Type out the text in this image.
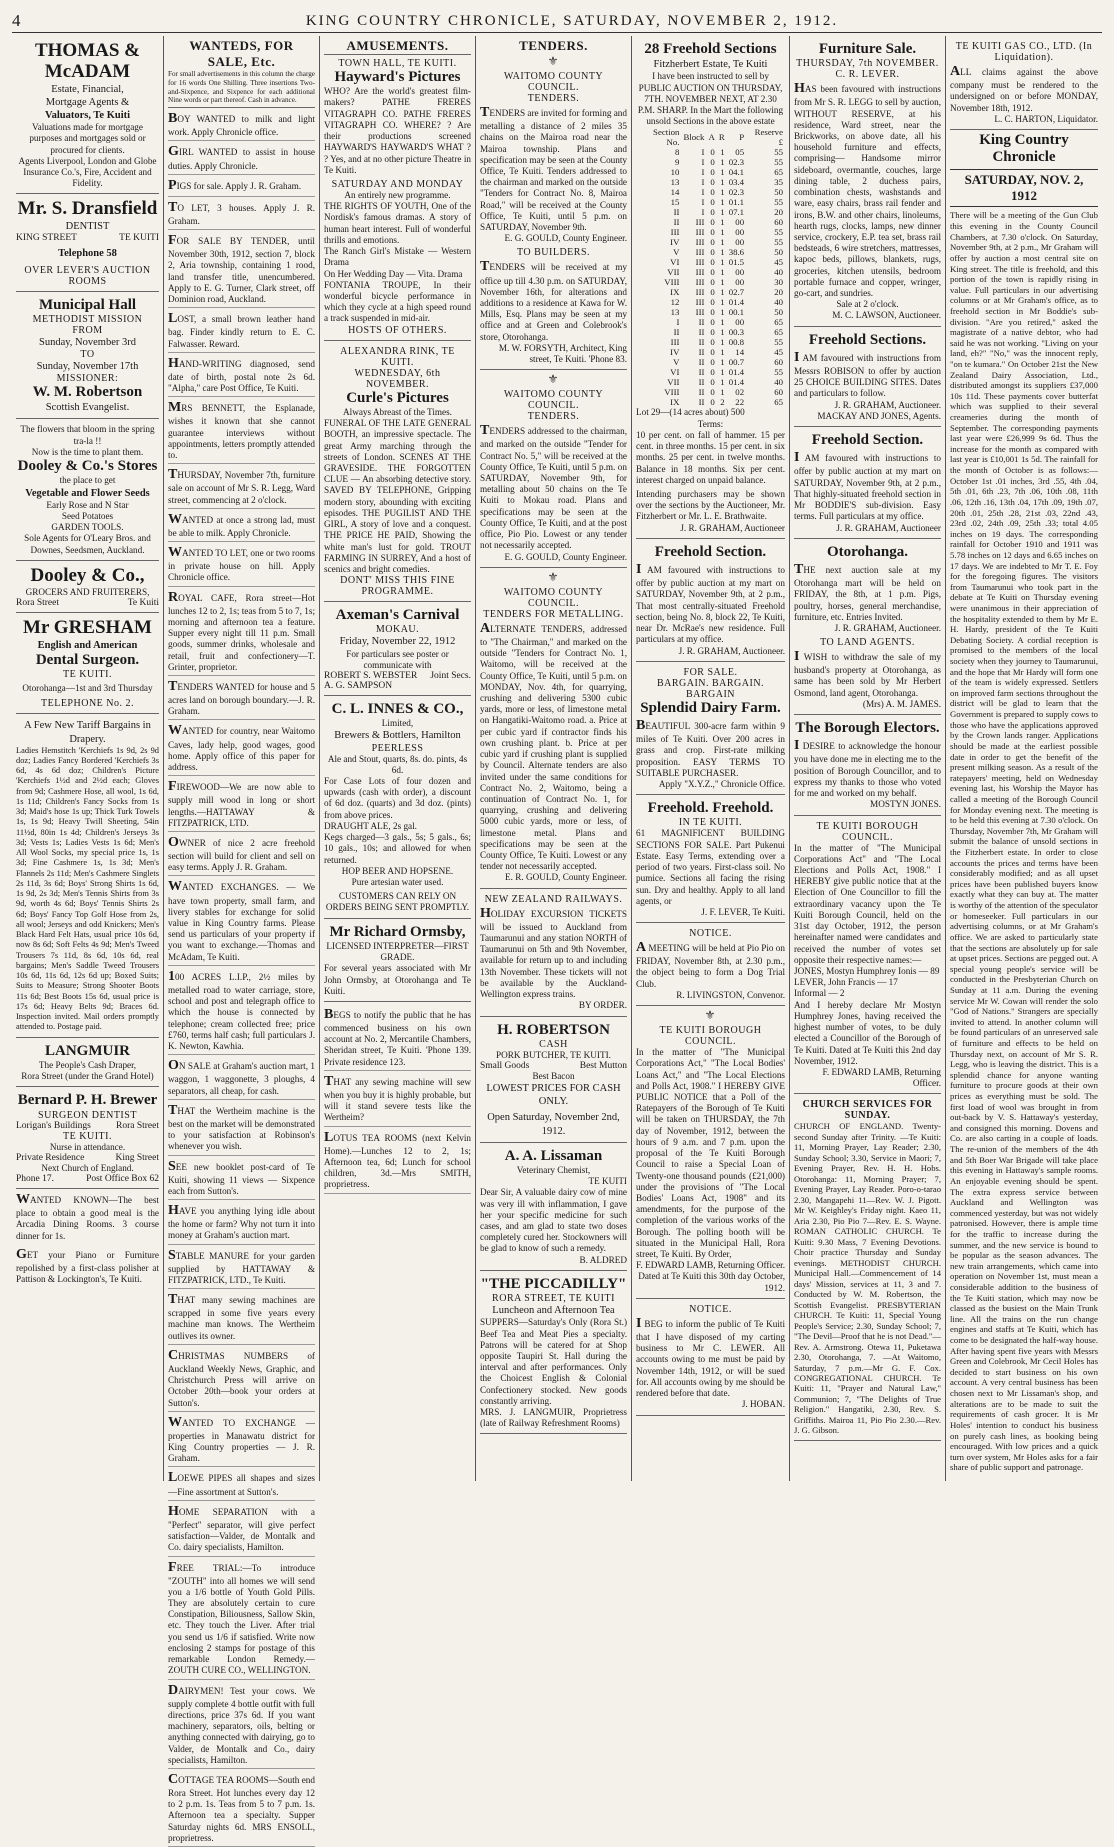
4	KING COUNTRY CHRONICLE, SATURDAY, NOVEMBER 2, 1912.
THOMAS & McADAM
Estate, Financial,
Mortgage Agents &
Valuators, Te Kuiti
Valuations made for mortgage purposes and mortgages sold or procured for clients.
Agents Liverpool, London and Globe Insurance Co.'s, Fire, Accident and Fidelity.
Mr. S. Dransfield
DENTIST
KING STREET	TE KUITI
Telephone 58
OVER LEVER'S AUCTION ROOMS
Municipal Hall
METHODIST MISSION
FROM
Sunday, November 3rd
TO
Sunday, November 17th
MISSIONER:
W. M. Robertson
Scottish Evangelist.
The flowers that bloom in the spring tra-la !!
Now is the time to plant them.
Dooley & Co.'s Stores
the place to get
Vegetable and Flower Seeds
Early Rose and N Star
Seed Potatoes
GARDEN TOOLS.
Sole Agents for O'Leary Bros. and Downes, Seedsmen, Auckland.
Dooley & Co.,
GROCERS AND FRUITERERS,
Rora Street	Te Kuiti
Mr GRESHAM
English and American
Dental Surgeon.
TE KUITI.
Otorohanga—1st and 3rd Thursday
TELEPHONE No. 2.
A Few New Tariff Bargains in Drapery.
Ladies Hemstitch 'Kerchiefs 1s 9d, 2s 9d doz; Ladies Fancy Bordered 'Kerchiefs 3s 6d, 4s 6d doz; Children's Picture 'Kerchiefs 1½d and 2½d each; Gloves from 9d; Cashmere Hose, all wool, 1s 6d, 1s 11d; Children's Fancy Socks from 1s 3d; Maid's hose 1s up; Thick Turk Towels 1s, 1s 9d; Heavy Twill Sheeting, 54in 11½d, 80in 1s 4d; Children's Jerseys 3s 3d; Vests 1s; Ladies Vests 1s 6d; Men's All Wool Socks, my special price 1s, 1s 3d; Fine Cashmere 1s, 1s 3d; Men's Flannels 2s 11d; Men's Cashmere Singlets 2s 11d, 3s 6d; Boys' Strong Shirts 1s 6d, 1s 9d, 2s 3d; Men's Tennis Shirts from 3s 9d, worth 4s 6d; Boys' Tennis Shirts 2s 6d; Boys' Fancy Top Golf Hose from 2s, all wool; Jerseys and odd Knickers; Men's Black Hard Felt Hats, usual price 10s 6d, now 8s 6d; Soft Felts 4s 9d; Men's Tweed Trousers 7s 11d, 8s 6d, 10s 6d, real bargains; Men's Saddle Tweed Trousers 10s 6d, 11s 6d, 12s 6d up; Boxed Suits; Suits to Measure; Strong Shooter Boots 11s 6d; Best Boots 15s 6d, usual price is 17s 6d; Heavy Belts 9d; Braces 6d. Inspection invited. Mail orders promptly attended to. Postage paid.
LANGMUIR
The People's Cash Draper,
Rora Street (under the Grand Hotel)
Bernard P. H. Brewer
SURGEON DENTIST
Lorigan's Buildings	Rora Street
TE KUITI.
Nurse in attendance.
Private Residence	King Street
Next Church of England.
Phone 17.	Post Office Box 62
WANTED KNOWN—The best place to obtain a good meal is the Arcadia Dining Rooms. 3 course dinner for 1s.
GET your Piano or Furniture repolished by a first-class polisher at Pattison & Lockington's, Te Kuiti.
WANTEDS, FOR SALE, Etc.
For small advertisements in this column the charge for 16 words One Shilling. Three insertions Two-and-Sixpence, and Sixpence for each additional Nine words or part thereof. Cash in advance.
BOY WANTED to milk and light work. Apply Chronicle office.
GIRL WANTED to assist in house duties. Apply Chronicle.
PIGS for sale. Apply J. R. Graham.
TO LET, 3 houses. Apply J. R. Graham.
FOR SALE BY TENDER, until November 30th, 1912, section 7, block 2, Aria township, containing 1 rood, land transfer title, unencumbered. Apply to E. G. Turner, Clark street, off Dominion road, Auckland.
LOST, a small brown leather hand bag. Finder kindly return to E. C. Falwasser. Reward.
HAND-WRITING diagnosed, send date of birth, postal note 2s 6d. "Alpha," care Post Office, Te Kuiti.
MRS BENNETT, the Esplanade, wishes it known that she cannot guarantee interviews without appointments, letters promptly attended to.
THURSDAY, November 7th, furniture sale on account of Mr S. R. Legg, Ward street, commencing at 2 o'clock.
WANTED at once a strong lad, must be able to milk. Apply Chronicle.
WANTED TO LET, one or two rooms in private house on hill. Apply Chronicle office.
ROYAL CAFE, Rora street—Hot lunches 12 to 2, 1s; teas from 5 to 7, 1s; morning and afternoon tea a feature. Supper every night till 11 p.m. Small goods, summer drinks, wholesale and retail, fruit and confectionery—T. Grinter, proprietor.
TENDERS WANTED for house and 5 acres land on borough boundary.—J. R. Graham.
WANTED for country, near Waitomo Caves, lady help, good wages, good home. Apply office of this paper for address.
FIREWOOD—We are now able to supply mill wood in long or short lengths.—HATTAWAY & FITZPATRICK, LTD.
OWNER of nice 2 acre freehold section will build for client and sell on easy terms. Apply J. R. Graham.
WANTED EXCHANGES. — We have town property, small farm, and livery stables for exchange for solid value in King Country farms. Please send us particulars of your property if you want to exchange.—Thomas and McAdam, Te Kuiti.
100 ACRES L.I.P., 2½ miles by metalled road to water carriage, store, school and post and telegraph office to which the house is connected by telephone; cream collected free; price £760, terms half cash; full particulars J. K. Newton, Kawhia.
ON SALE at Graham's auction mart, 1 waggon, 1 waggonette, 3 ploughs, 4 separators, all cheap, for cash.
THAT the Wertheim machine is the best on the market will be demonstrated to your satisfaction at Robinson's whenever you wish.
SEE new booklet post-card of Te Kuiti, showing 11 views — Sixpence each from Sutton's.
HAVE you anything lying idle about the home or farm? Why not turn it into money at Graham's auction mart.
STABLE MANURE for your garden supplied by HATTAWAY & FITZPATRICK, LTD., Te Kuiti.
THAT many sewing machines are scrapped in some five years every machine man knows. The Wertheim outlives its owner.
CHRISTMAS NUMBERS of Auckland Weekly News, Graphic, and Christchurch Press will arrive on October 20th—book your orders at Sutton's.
WANTED TO EXCHANGE — properties in Manawatu district for King Country properties — J. R. Graham.
LOEWE PIPES all shapes and sizes —Fine assortment at Sutton's.
HOME SEPARATION with a "Perfect" separator, will give perfect satisfaction—Valder, de Montalk and Co. dairy specialists, Hamilton.
FREE TRIAL:—To introduce "ZOUTH" into all homes we will send you a 1/6 bottle of Youth Gold Pills. They are absolutely certain to cure Constipation, Biliousness, Sallow Skin, etc. They touch the Liver. After trial you send us 1/6 if satisfied. Write now enclosing 2 stamps for postage of this remarkable London Remedy.—ZOUTH CURE CO., WELLINGTON.
DAIRYMEN! Test your cows. We supply complete 4 bottle outfit with full directions, price 37s 6d. If you want machinery, separators, oils, belting or anything connected with dairying, go to Valder, de Montalk and Co., dairy specialists, Hamilton.
COTTAGE TEA ROOMS—South end Rora Street. Hot lunches every day 12 to 2 p.m. 1s. Teas from 5 to 7 p.m. 1s. Afternoon tea a specialty. Supper Saturday nights 6d. MRS ENSOLL, proprietress.
AMUSEMENTS.
TOWN HALL, TE KUITI.
Hayward's Pictures
WHO? Are the world's greatest film-makers? PATHE FRERES VITAGRAPH CO. PATHE FRERES VITAGRAPH CO. WHERE? ? Are their productions screened HAYWARD'S HAYWARD'S WHAT ? ? Yes, and at no other picture Theatre in Te Kuiti.
SATURDAY AND MONDAY
An entirely new programme.
THE RIGHTS OF YOUTH, One of the Nordisk's famous dramas. A story of human heart interest. Full of wonderful thrills and emotions.
The Ranch Girl's Mistake — Western Drama
On Her Wedding Day — Vita. Drama
FONTANIA TROUPE, In their wonderful bicycle performance in which they cycle at a high speed round a track suspended in mid-air.
HOSTS OF OTHERS.
ALEXANDRA RINK, TE KUITI.
WEDNESDAY, 6th NOVEMBER.
Curle's Pictures
Always Abreast of the Times.
FUNERAL OF THE LATE GENERAL BOOTH, an impressive spectacle. The great Army marching through the streets of London. SCENES AT THE GRAVESIDE. THE FORGOTTEN CLUE — An absorbing detective story. SAVED BY TELEPHONE, Gripping modern story, abounding with exciting episodes. THE PUGILIST AND THE GIRL, A story of love and a conquest. THE PRICE HE PAID, Showing the white man's lust for gold. TROUT FARMING IN SURREY, And a host of scenics and bright comedies.
DONT' MISS THIS FINE PROGRAMME.
Axeman's Carnival
MOKAU.
Friday, November 22, 1912
For particulars see poster or communicate with
ROBERT S. WEBSTER Joint Secs.
A. G. SAMPSON
C. L. INNES & CO.,
Limited,
Brewers & Bottlers, Hamilton
PEERLESS
Ale and Stout, quarts, 8s. do. pints, 4s 6d.
For Case Lots of four dozen and upwards (cash with order), a discount of 6d doz. (quarts) and 3d doz. (pints) from above prices.
DRAUGHT ALE, 2s gal.
Kegs charged—3 gals., 5s; 5 gals., 6s; 10 gals., 10s; and allowed for when returned.
HOP BEER AND HOPSENE.
Pure artesian water used.
CUSTOMERS CAN RELY ON ORDERS BEING SENT PROMPTLY.
Mr Richard Ormsby,
LICENSED INTERPRETER—FIRST GRADE.
For several years associated with Mr John Ormsby, at Otorohanga and Te Kuiti.
BEGS to notify the public that he has commenced business on his own account at No. 2, Mercantile Chambers, Sheridan street, Te Kuiti. 'Phone 139. Private residence 123.
THAT any sewing machine will sew when you buy it is highly probable, but will it stand severe tests like the Wertheim?
LOTUS TEA ROOMS (next Kelvin Home).—Lunches 12 to 2, 1s; Afternoon tea, 6d; Lunch for school children, 3d.—Mrs SMITH, proprietress.
TENDERS.
⚜
WAITOMO COUNTY COUNCIL.
TENDERS.
TENDERS are invited for forming and metalling a distance of 2 miles 35 chains on the Mairoa road near the Mairoa township. Plans and specification may be seen at the County Office, Te Kuiti. Tenders addressed to the chairman and marked on the outside "Tenders for Contract No. 8, Mairoa Road," will be received at the County Office, Te Kuiti, until 5 p.m. on SATURDAY, November 9th.
E. G. GOULD, County Engineer.
TO BUILDERS.
TENDERS will be received at my office up till 4.30 p.m. on SATURDAY, November 16th, for alterations and additions to a residence at Kawa for W. Mills, Esq. Plans may be seen at my office and at Green and Colebrook's store, Otorohanga.
M. W. FORSYTH, Architect, King street, Te Kuiti. 'Phone 83.
⚜
WAITOMO COUNTY COUNCIL.
TENDERS.
TENDERS addressed to the chairman, and marked on the outside "Tender for Contract No. 5," will be received at the County Office, Te Kuiti, until 5 p.m. on SATURDAY, November 9th, for metalling about 50 chains on the Te Kuiti to Mokau road. Plans and specifications may be seen at the County Office, Te Kuiti, and at the post office, Pio Pio. Lowest or any tender not necessarily accepted.
E. G. GOULD, County Engineer.
⚜
WAITOMO COUNTY COUNCIL.
TENDERS FOR METALLING.
ALTERNATE TENDERS, addressed to "The Chairman," and marked on the outside "Tenders for Contract No. 1, Waitomo, will be received at the County Office, Te Kuiti, until 5 p.m. on MONDAY, Nov. 4th, for quarrying, crushing and delivering 5300 cubic yards, more or less, of limestone metal on Hangatiki-Waitomo road. a. Price at per cubic yard if contractor finds his own crushing plant. b. Price at per cubic yard if crushing plant is supplied by Council. Alternate tenders are also invited under the same conditions for Contract No. 2, Waitomo, being a continuation of Contract No. 1, for quarrying, crushing and delivering 5000 cubic yards, more or less, of limestone metal. Plans and specifications may be seen at the County Office, Te Kuiti. Lowest or any tender not necessarily accepted.
E. R. GOULD, County Engineer.
NEW ZEALAND RAILWAYS.
HOLIDAY EXCURSION TICKETS will be issued to Auckland from Taumarunui and any station NORTH of Taumarunui on 5th and 9th November, available for return up to and including 13th November. These tickets will not be available by the Auckland-Wellington express trains.
BY ORDER.
H. ROBERTSON
CASH
PORK BUTCHER, TE KUITI.
Small Goods	Best Mutton
Best Bacon
LOWEST PRICES FOR CASH ONLY.
Open Saturday, November 2nd, 1912.
A. A. Lissaman
Veterinary Chemist,
TE KUITI
Dear Sir, A valuable dairy cow of mine was very ill with inflammation, I gave her your specific medicine for such cases, and am glad to state two doses completely cured her. Stockowners will be glad to know of such a remedy.
B. ALDRED
"THE PICCADILLY"
RORA STREET, TE KUITI
Luncheon and Afternoon Tea
SUPPERS—Saturday's Only (Rora St.) Beef Tea and Meat Pies a specialty. Patrons will be catered for at Shop opposite Taupiri St. Hall during the interval and after performances. Only the Choicest English & Colonial Confectionery stocked. New goods constantly arriving.
MRS. J. LANGMUIR, Proprietress (late of Railway Refreshment Rooms)
28 Freehold Sections
Fitzherbert Estate, Te Kuiti
I have been instructed to sell by PUBLIC AUCTION ON THURSDAY, 7TH. NOVEMBER NEXT, AT 2.30 P.M. SHARP. In the Mart the following unsold Sections in the above estate
Section No.	Block	A	R	P	Reserve £
8	I	0	1	05	55
9	I	0	1	02.3	55
10	I	0	1	04.1	65
13	I	0	1	03.4	35
14	I	0	1	02.3	50
15	I	0	1	01.1	55
II	I	0	1	07.1	20
II	III	0	1	00	60
III	III	0	1	00	55
IV	III	0	1	00	55
V	III	0	1	38.6	50
VI	III	0	1	01.5	45
VII	III	0	1	00	40
VIII	III	0	1	00	30
IX	III	0	1	02.7	20
12	III	0	1	01.4	40
13	III	0	1	00.1	50
I	II	0	1	00	65
II	II	0	1	00.3	65
III	II	0	1	00.8	55
IV	II	0	1	14	45
V	II	0	1	00.7	60
VI	II	0	1	01.4	55
VII	II	0	1	01.4	40
VIII	II	0	1	02	60
IX	II	0	2	22	65
Lot 29—(14 acres about) 500
Terms:
10 per cent. on fall of hammer. 15 per cent. in three months. 15 per cent. in six months. 25 per cent. in twelve months. Balance in 18 months. Six per cent. interest charged on unpaid balance.
Intending purchasers may be shown over the sections by the Auctioneer, Mr. Fitzherbert or Mr. L. E. Brathwaite.
J. R. GRAHAM, Auctioneer
Freehold Section.
I AM favoured with instructions to offer by public auction at my mart on SATURDAY, November 9th, at 2 p.m., That most centrally-situated Freehold section, being No. 8, block 22, Te Kuiti, near Dr. McRae's new residence. Full particulars at my office.
J. R. GRAHAM, Auctioneer.
FOR SALE.
BARGAIN. BARGAIN. BARGAIN
Splendid Dairy Farm.
BEAUTIFUL 300-acre farm within 9 miles of Te Kuiti. Over 200 acres in grass and crop. First-rate milking proposition. EASY TERMS TO SUITABLE PURCHASER.
Apply "X.Y.Z.," Chronicle Office.
Freehold. Freehold.
IN TE KUITI.
61 MAGNIFICENT BUILDING SECTIONS FOR SALE. Part Pukenui Estate. Easy Terms, extending over a period of two years. First-class soil. No pumice. Sections all facing the rising sun. Dry and healthy. Apply to all land agents, or
J. F. LEVER, Te Kuiti.
NOTICE.
A MEETING will be held at Pio Pio on FRIDAY, November 8th, at 2.30 p.m., the object being to form a Dog Trial Club.
R. LIVINGSTON, Convenor.
⚜
TE KUITI BOROUGH COUNCIL.
In the matter of "The Municipal Corporations Act," "The Local Bodies' Loans Act," and "The Local Elections and Polls Act, 1908." I HEREBY GIVE PUBLIC NOTICE that a Poll of the Ratepayers of the Borough of Te Kuiti will be taken on THURSDAY, the 7th day of November, 1912, between the hours of 9 a.m. and 7 p.m. upon the proposal of the Te Kuiti Borough Council to raise a Special Loan of Twenty-one thousand pounds (£21,000) under the provisions of "The Local Bodies' Loans Act, 1908" and its amendments, for the purpose of the completion of the various works of the Borough. The polling booth will be situated in the Municipal Hall, Rora street, Te Kuiti. By Order,
F. EDWARD LAMB, Returning Officer. Dated at Te Kuiti this 30th day October, 1912.
NOTICE.
I BEG to inform the public of Te Kuiti that I have disposed of my carting business to Mr C. LEWER. All accounts owing to me must be paid by November 14th, 1912, or will be sued for. All accounts owing by me should be rendered before that date.
J. HOBAN.
Furniture Sale.
THURSDAY, 7th NOVEMBER.
C. R. LEVER.
HAS been favoured with instructions from Mr S. R. LEGG to sell by auction, WITHOUT RESERVE, at his residence, Ward street, near the Brickworks, on above date, all his household furniture and effects, comprising— Handsome mirror sideboard, overmantle, couches, large dining table, 2 duchess pairs, combination chests, washstands and ware, easy chairs, brass rail fender and irons, B.W. and other chairs, linoleums, hearth rugs, clocks, lamps, new dinner service, crockery, E.P. tea set, brass rail bedsteads, 6 wire stretchers, mattresses, kapoc beds, pillows, blankets, rugs, groceries, kitchen utensils, bedroom portable furnace and copper, wringer, go-cart, and sundries.
Sale at 2 o'clock.
M. C. LAWSON, Auctioneer.
Freehold Sections.
I AM favoured with instructions from Messrs ROBISON to offer by auction 25 CHOICE BUILDING SITES. Dates and particulars to follow.
J. R. GRAHAM, Auctioneer. MACKAY AND JONES, Agents.
Freehold Section.
I AM favoured with instructions to offer by public auction at my mart on SATURDAY, November 9th, at 2 p.m., That highly-situated freehold section in Mr BODDIE'S sub-division. Easy terms. Full particulars at my office.
J. R. GRAHAM, Auctioneer
Otorohanga.
THE next auction sale at my Otorohanga mart will be held on FRIDAY, the 8th, at 1 p.m. Pigs, poultry, horses, general merchandise, furniture, etc. Entries Invited.
J. R. GRAHAM, Auctioneer.
TO LAND AGENTS.
I WISH to withdraw the sale of my husband's property at Otorohanga, as same has been sold by Mr Herbert Osmond, land agent, Otorohanga.
(Mrs) A. M. JAMES.
The Borough Electors.
I DESIRE to acknowledge the honour you have done me in electing me to the position of Borough Councillor, and to express my thanks to those who voted for me and worked on my behalf.
MOSTYN JONES.
TE KUITI BOROUGH COUNCIL.
In the matter of "The Municipal Corporations Act" and "The Local Elections and Polls Act, 1908." I HEREBY give public notice that at the Election of One Councillor to fill the extraordinary vacancy upon the Te Kuiti Borough Council, held on the 31st day October, 1912, the person hereinafter named were candidates and received the number of votes set opposite their respective names:—
JONES, Mostyn Humphrey Ionis — 89
LEVER, John Francis — 17
Informal — 2
And I hereby declare Mr Mostyn Humphrey Jones, having received the highest number of votes, to be duly elected a Councillor of the Borough of Te Kuiti. Dated at Te Kuiti this 2nd day November, 1912.
F. EDWARD LAMB, Returning Officer.
CHURCH SERVICES FOR SUNDAY.
CHURCH OF ENGLAND. Twenty-second Sunday after Trinity. —Te Kuiti: 11, Morning Prayer, Lay Reader; 2.30, Sunday School; 3.30, Service in Maori; 7, Evening Prayer, Rev. H. H. Hobs. Otorohanga: 11, Morning Prayer; 7, Evening Prayer, Lay Reader. Poro-o-tarao 2.30, Mangapehi 11—Rev. W. J. Pigott. Mr W. Keighley's Friday night. Kaeo 11, Aria 2.30, Pio Pio 7—Rev. E. S. Wayne. ROMAN CATHOLIC CHURCH. Te Kuiti: 9.30 Mass, 7 Evening Devotions. Choir practice Thursday and Sunday evenings. METHODIST CHURCH. Municipal Hall.—Commencement of 14 days' Mission, services at 11, 3 and 7. Conducted by W. M. Robertson, the Scottish Evangelist. PRESBYTERIAN CHURCH. Te Kuiti: 11, Special Young People's Service; 2.30, Sunday School; 7, "The Devil—Proof that he is not Dead."—Rev. A. Armstrong. Otewa 11, Puketawa 2.30, Otorohanga, 7. —At Waitomo, Saturday, 7 p.m.—Mr G. F. Cox. CONGREGATIONAL CHURCH. Te Kuiti: 11, "Prayer and Natural Law," Communion; 7, "The Delights of True Religion." Hangatiki, 2.30, Rev. S. Griffiths. Mairoa 11, Pio Pio 2.30.—Rev. J. G. Gibson.
TE KUITI GAS CO., LTD. (In Liquidation).
ALL claims against the above company must be rendered to the undersigned on or before MONDAY, November 18th, 1912.
L. C. HARTON, Liquidator.
King Country Chronicle
SATURDAY, NOV. 2, 1912
There will be a meeting of the Gun Club this evening in the County Council Chambers, at 7.30 o'clock. On Saturday, November 9th, at 2 p.m., Mr Graham will offer by auction a most central site on King street. The title is freehold, and this portion of the town is rapidly rising in value. Full particulars in our advertising columns or at Mr Graham's office, as to freehold section in Mr Boddie's sub-division. "Are you retired," asked the magistrate of a native debtor, who had said he was not working. "Living on your land, eh?" "No," was the innocent reply, "on te kumara." On October 21st the New Zealand Dairy Association, Ltd., distributed amongst its suppliers £37,000 10s 11d. These payments cover butterfat which was supplied to their several creameries during the month of September. The corresponding payments last year were £26,999 9s 6d. Thus the increase for the month as compared with last year is £10,001 1s 5d. The rainfall for the month of October is as follows:—October 1st .01 inches, 3rd .55, 4th .04, 5th .01, 6th .23, 7th .06, 10th .08, 11th .06, 12th .16, 13th .04, 17th .09, 19th .07, 20th .01, 25th .28, 21st .03, 22nd .43, 23rd .02, 24th .09, 25th .33; total 4.05 inches on 19 days. The corresponding rainfall for October 1910 and 1911 was 5.78 inches on 12 days and 6.65 inches on 17 days. We are indebted to Mr T. E. Foy for the foregoing figures. The visitors from Taumarunui who took part in the debate at Te Kuiti on Thursday evening were unanimous in their appreciation of the hospitality extended to them by Mr E. H. Hardy, president of the Te Kuiti Debating Society. A cordial reception is promised to the members of the local society when they journey to Taumarunui, and the hope that Mr Hardy will form one of the team is widely expressed. Settlers on improved farm sections throughout the district will be glad to learn that the Government is prepared to supply cows to those who have the applications approved by the Crown lands ranger. Applications should be made at the earliest possible date in order to get the benefit of the present milking season. As a result of the ratepayers' meeting, held on Wednesday evening last, his Worship the Mayor has called a meeting of the Borough Council for Monday evening next. The meeting is to be held this evening at 7.30 o'clock. On Thursday, November 7th, Mr Graham will submit the balance of unsold sections in the Fitzherbert estate. In order to close accounts the prices and terms have been considerably modified; and as all upset prices have been published buyers know exactly what they can buy at. The matter is worthy of the attention of the speculator or homeseeker. Full particulars in our advertising columns, or at Mr Graham's office. We are asked to particularly state that the sections are absolutely up for sale at upset prices. Sections are pegged out. A special young people's service will be conducted in the Presbyterian Church on Sunday at 11 a.m. During the evening service Mr W. Cowan will render the solo "God of Nations." Strangers are specially invited to attend. In another column will be found particulars of an unreserved sale of furniture and effects to be held on Thursday next, on account of Mr S. R. Legg, who is leaving the district. This is a splendid chance for anyone wanting furniture to procure goods at their own prices as everything must be sold. The first load of wool was brought in from out-back by V. S. Hattaway's yesterday, and consigned this morning. Dovens and Co. are also carting in a couple of loads. The re-union of the members of the 4th and 5th Boer War Brigade will take place this evening in Hattaway's sample rooms. An enjoyable evening should be spent. The extra express service between Auckland and Wellington was commenced yesterday, but was not widely patronised. However, there is ample time for the traffic to increase during the summer, and the new service is bound to be popular as the season advances. The new train arrangements, which came into operation on November 1st, must mean a considerable addition to the business of the Te Kuiti station, which may now be classed as the busiest on the Main Trunk line. All the trains on the run change engines and staffs at Te Kuiti, which has come to be designated the half-way house. After having spent five years with Messrs Green and Colebrook, Mr Cecil Holes has decided to start business on his own account. A very central business has been chosen next to Mr Lissaman's shop, and alterations are to be made to suit the requirements of cash grocer. It is Mr Holes' intention to conduct his business on purely cash lines, as booking being encouraged. With low prices and a quick turn over system, Mr Holes asks for a fair share of public support and patronage.
